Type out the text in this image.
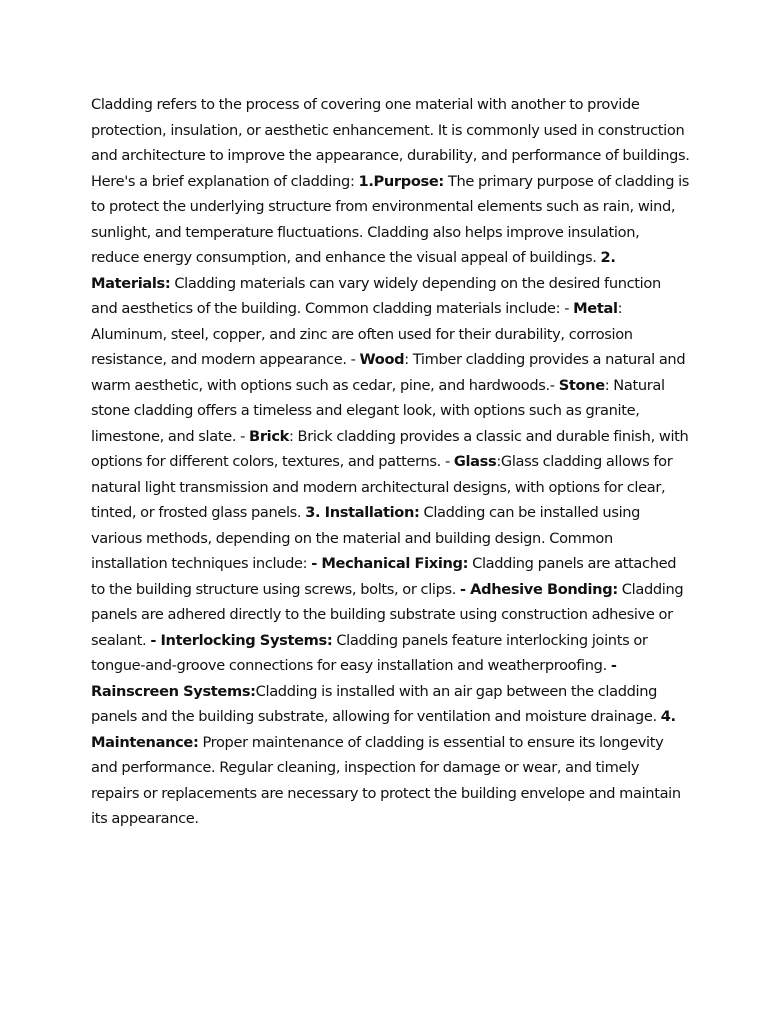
Cladding refers to the process of covering one material with another to provide protection, insulation, or aesthetic enhancement. It is commonly used in construction and architecture to improve the appearance, durability, and performance of buildings. Here's a brief explanation of cladding: 1.Purpose: The primary purpose of cladding is to protect the underlying structure from environmental elements such as rain, wind, sunlight, and temperature fluctuations. Cladding also helps improve insulation, reduce energy consumption, and enhance the visual appeal of buildings. 2. Materials: Cladding materials can vary widely depending on the desired function and aesthetics of the building. Common cladding materials include: - Metal: Aluminum, steel, copper, and zinc are often used for their durability, corrosion resistance, and modern appearance. - Wood: Timber cladding provides a natural and warm aesthetic, with options such as cedar, pine, and hardwoods.- Stone: Natural stone cladding offers a timeless and elegant look, with options such as granite, limestone, and slate. - Brick: Brick cladding provides a classic and durable finish, with options for different colors, textures, and patterns. - Glass:Glass cladding allows for natural light transmission and modern architectural designs, with options for clear, tinted, or frosted glass panels. 3. Installation: Cladding can be installed using various methods, depending on the material and building design. Common installation techniques include: - Mechanical Fixing: Cladding panels are attached to the building structure using screws, bolts, or clips. - Adhesive Bonding: Cladding panels are adhered directly to the building substrate using construction adhesive or sealant. - Interlocking Systems: Cladding panels feature interlocking joints or tongue-and-groove connections for easy installation and weatherproofing. - Rainscreen Systems:Cladding is installed with an air gap between the cladding panels and the building substrate, allowing for ventilation and moisture drainage. 4. Maintenance: Proper maintenance of cladding is essential to ensure its longevity and performance. Regular cleaning, inspection for damage or wear, and timely repairs or replacements are necessary to protect the building envelope and maintain its appearance.
